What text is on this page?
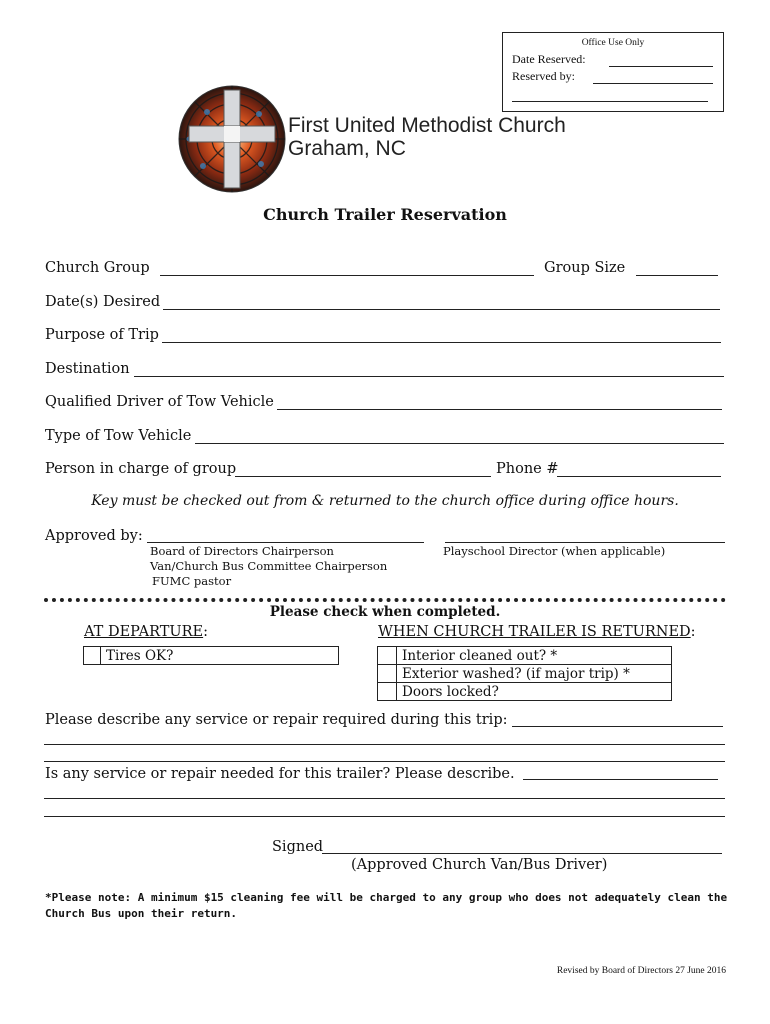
Office Use Only
Date Reserved:
Reserved by:
First United Methodist Church
Graham, NC
Church Trailer Reservation
Church Group	Group Size
Date(s) Desired
Purpose of Trip
Destination
Qualified Driver of Tow Vehicle
Type of Tow Vehicle
Person in charge of group	Phone #
Key must be checked out from & returned to the church office during office hours.
Approved by:
Board of Directors Chairperson
Van/Church Bus Committee Chairperson
FUMC pastor
Playschool Director (when applicable)
Please check when completed.
AT DEPARTURE:	WHEN CHURCH TRAILER IS RETURNED:
Tires OK?	Interior cleaned out? *
Exterior washed? (if major trip) *
Doors locked?
Please describe any service or repair required during this trip:
Is any service or repair needed for this trailer? Please describe.
Signed
(Approved Church Van/Bus Driver)
*Please note: A minimum $15 cleaning fee will be charged to any group who does not adequately clean the Church Bus upon their return.
Revised by Board of Directors 27 June 2016
